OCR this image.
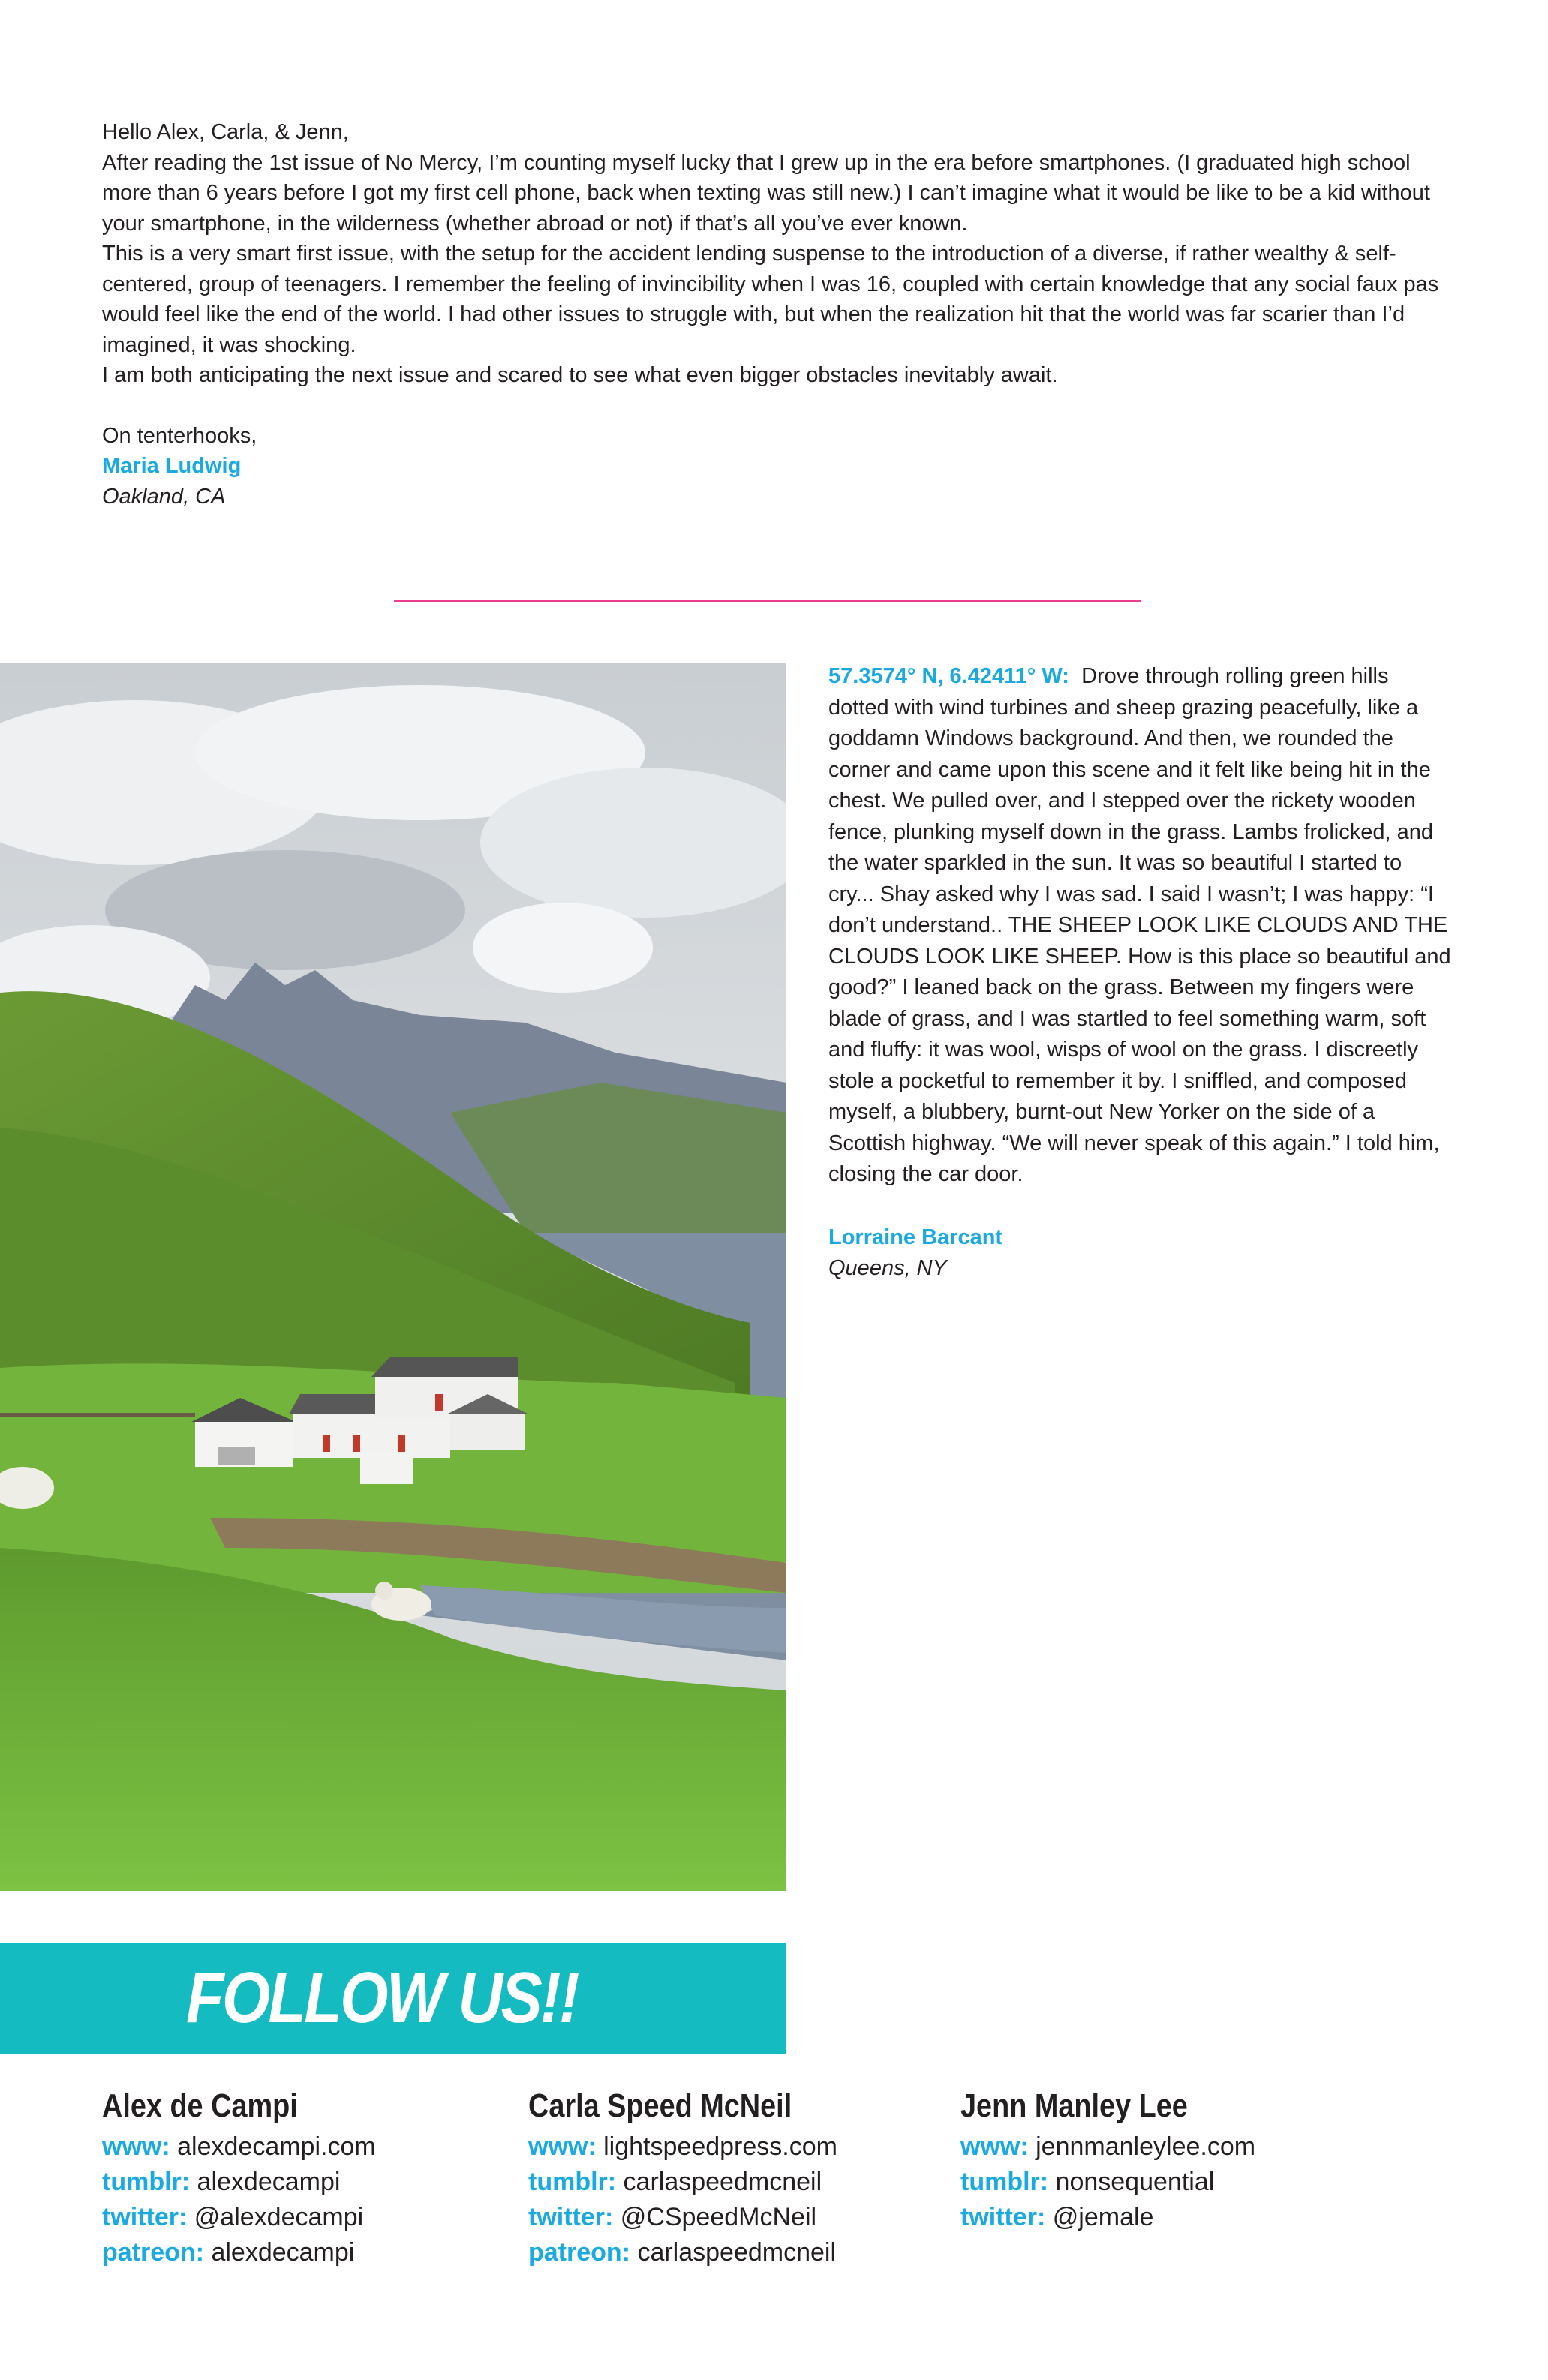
Hello Alex, Carla, & Jenn,

After reading the 1st issue of No Mercy, I’m counting myself lucky that I grew up in the era before smartphones. (I graduated high school more than 6 years before I got my first cell phone, back when texting was still new.) I can’t imagine what it would be like to be a kid without your smartphone, in the wilderness (whether abroad or not) if that’s all you’ve ever known.

This is a very smart first issue, with the setup for the accident lending suspense to the introduction of a diverse, if rather wealthy & self-centered, group of teenagers. I remember the feeling of invincibility when I was 16, coupled with certain knowledge that any social faux pas would feel like the end of the world. I had other issues to struggle with, but when the realization hit that the world was far scarier than I’d imagined, it was shocking.

I am both anticipating the next issue and scared to see what even bigger obstacles inevitably await.

On tenterhooks,

Maria Ludwig

Oakland, CA

57.3574° N, 6.42411° W: Drove through rolling green hills dotted with wind turbines and sheep grazing peacefully, like a goddamn Windows background. And then, we rounded the corner and came upon this scene and it felt like being hit in the chest. We pulled over, and I stepped over the rickety wooden fence, plunking myself down in the grass. Lambs frolicked, and the water sparkled in the sun. It was so beautiful I started to cry... Shay asked why I was sad. I said I wasn’t; I was happy: “I don’t understand.. THE SHEEP LOOK LIKE CLOUDS AND THE CLOUDS LOOK LIKE SHEEP. How is this place so beautiful and good?” I leaned back on the grass. Between my fingers were blade of grass, and I was startled to feel something warm, soft and fluffy: it was wool, wisps of wool on the grass. I discreetly stole a pocketful to remember it by. I sniffled, and composed myself, a blubbery, burnt-out New Yorker on the side of a Scottish highway. “We will never speak of this again.” I told him, closing the car door.

Lorraine Barcant

Queens, NY

FOLLOW US!!
Alex de Campi
www: alexdecampi.com
tumblr: alexdecampi
twitter: @alexdecampi
patreon: alexdecampi
Carla Speed McNeil
www: lightspeedpress.com
tumblr: carlaspeedmcneil
twitter: @CSpeedMcNeil
patreon: carlaspeedmcneil
Jenn Manley Lee
www: jennmanleylee.com
tumblr: nonsequential
twitter: @jemale
